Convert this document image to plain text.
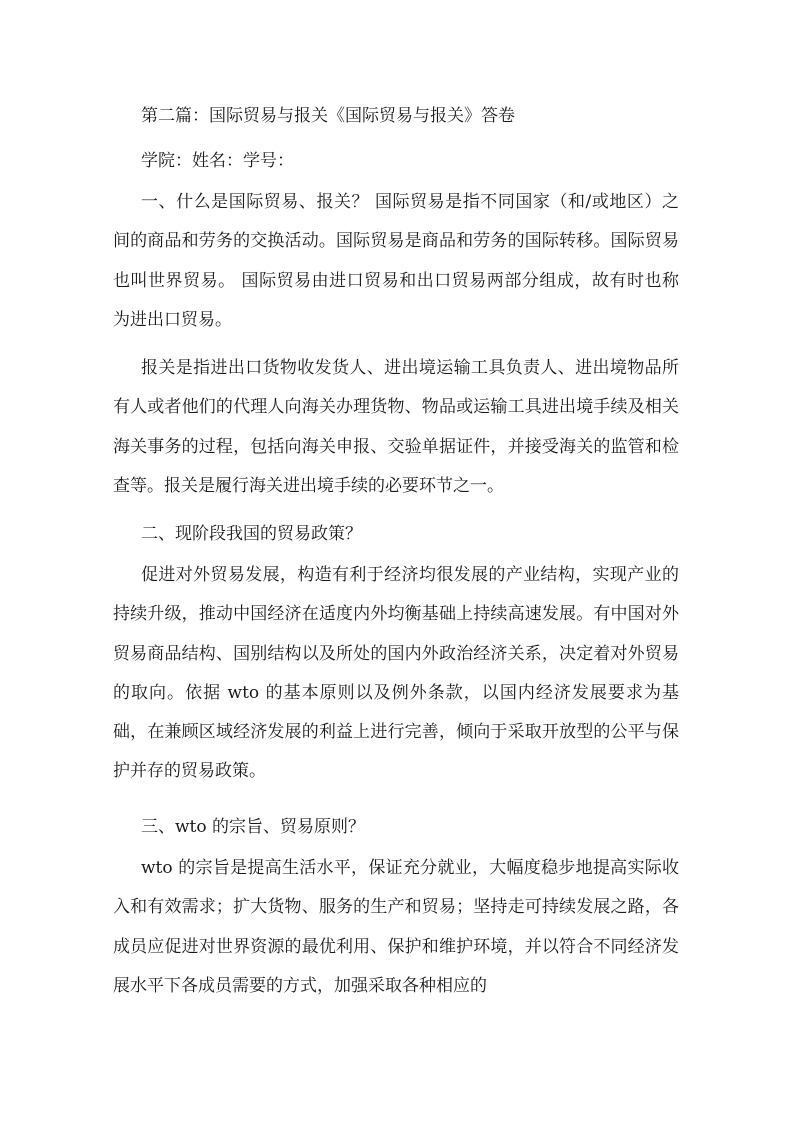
第二篇：国际贸易与报关《国际贸易与报关》答卷

学院：姓名：学号：

一、什么是国际贸易、报关？ 国际贸易是指不同国家（和/或地区）之间的商品和劳务的交换活动。国际贸易是商品和劳务的国际转移。国际贸易也叫世界贸易。 国际贸易由进口贸易和出口贸易两部分组成，故有时也称为进出口贸易。

报关是指进出口货物收发货人、进出境运输工具负责人、进出境物品所有人或者他们的代理人向海关办理货物、物品或运输工具进出境手续及相关海关事务的过程，包括向海关申报、交验单据证件，并接受海关的监管和检查等。报关是履行海关进出境手续的必要环节之一。

二、现阶段我国的贸易政策？

促进对外贸易发展，构造有利于经济均很发展的产业结构，实现产业的持续升级，推动中国经济在适度内外均衡基础上持续高速发展。有中国对外贸易商品结构、国别结构以及所处的国内外政治经济关系，决定着对外贸易的取向。依据 wto 的基本原则以及例外条款，以国内经济发展要求为基础，在兼顾区域经济发展的利益上进行完善，倾向于采取开放型的公平与保护并存的贸易政策。

三、wto 的宗旨、贸易原则？

wto 的宗旨是提高生活水平，保证充分就业，大幅度稳步地提高实际收入和有效需求；扩大货物、服务的生产和贸易；坚持走可持续发展之路，各成员应促进对世界资源的最优利用、保护和维护环境，并以符合不同经济发展水平下各成员需要的方式，加强采取各种相应的
